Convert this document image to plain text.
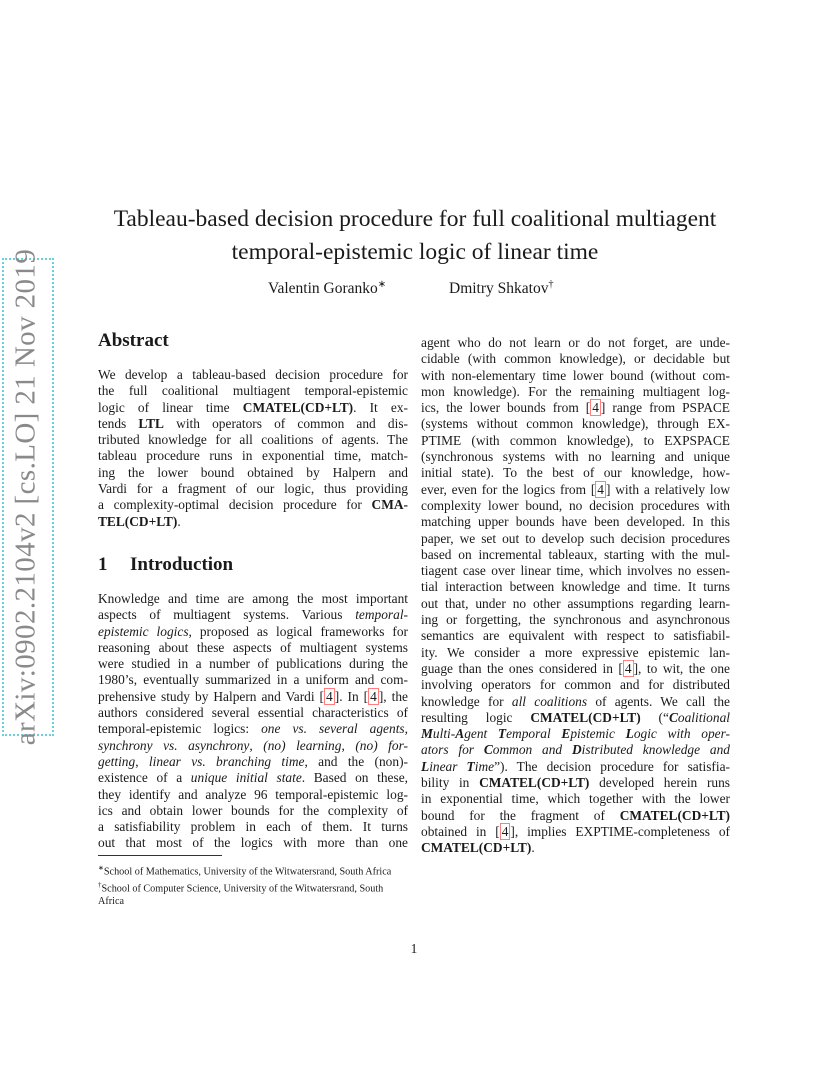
arXiv:0902.2104v2 [cs.LO] 21 Nov 2019
Tableau-based decision procedure for full coalitional multiagent
temporal-epistemic logic of linear time
Valentin Goranko∗	Dmitry Shkatov†
Abstract
We develop a tableau-based decision procedure for
the full coalitional multiagent temporal-epistemic
logic of linear time CMATEL(CD+LT). It ex-
tends LTL with operators of common and dis-
tributed knowledge for all coalitions of agents. The
tableau procedure runs in exponential time, match-
ing the lower bound obtained by Halpern and
Vardi for a fragment of our logic, thus providing
a complexity-optimal decision procedure for CMA-
TEL(CD+LT).
1 Introduction
Knowledge and time are among the most important
aspects of multiagent systems. Various temporal-
epistemic logics, proposed as logical frameworks for
reasoning about these aspects of multiagent systems
were studied in a number of publications during the
1980’s, eventually summarized in a uniform and com-
prehensive study by Halpern and Vardi [ 4 ]. In [ 4 ], the
authors considered several essential characteristics of
temporal-epistemic logics: one vs. several agents,
synchrony vs. asynchrony, (no) learning, (no) for-
getting, linear vs. branching time, and the (non)-
existence of a unique initial state. Based on these,
they identify and analyze 96 temporal-epistemic log-
ics and obtain lower bounds for the complexity of
a satisfiability problem in each of them. It turns
out that most of the logics with more than one
agent who do not learn or do not forget, are unde-
cidable (with common knowledge), or decidable but
with non-elementary time lower bound (without com-
mon knowledge). For the remaining multiagent log-
ics, the lower bounds from [ 4 ] range from PSPACE
(systems without common knowledge), through EX-
PTIME (with common knowledge), to EXPSPACE
(synchronous systems with no learning and unique
initial state). To the best of our knowledge, how-
ever, even for the logics from [ 4 ] with a relatively low
complexity lower bound, no decision procedures with
matching upper bounds have been developed. In this
paper, we set out to develop such decision procedures
based on incremental tableaux, starting with the mul-
tiagent case over linear time, which involves no essen-
tial interaction between knowledge and time. It turns
out that, under no other assumptions regarding learn-
ing or forgetting, the synchronous and asynchronous
semantics are equivalent with respect to satisfiabil-
ity. We consider a more expressive epistemic lan-
guage than the ones considered in [ 4 ], to wit, the one
involving operators for common and for distributed
knowledge for all coalitions of agents. We call the
resulting logic CMATEL(CD+LT) (“Coalitional
Multi-Agent Temporal Epistemic Logic with oper-
ators for Common and Distributed knowledge and
Linear Time”). The decision procedure for satisfia-
bility in CMATEL(CD+LT) developed herein runs
in exponential time, which together with the lower
bound for the fragment of CMATEL(CD+LT)
obtained in [ 4 ], implies EXPTIME-completeness of
CMATEL(CD+LT).
∗School of Mathematics, University of the Witwatersrand, South Africa
†School of Computer Science, University of the Witwatersrand, South Africa
1
